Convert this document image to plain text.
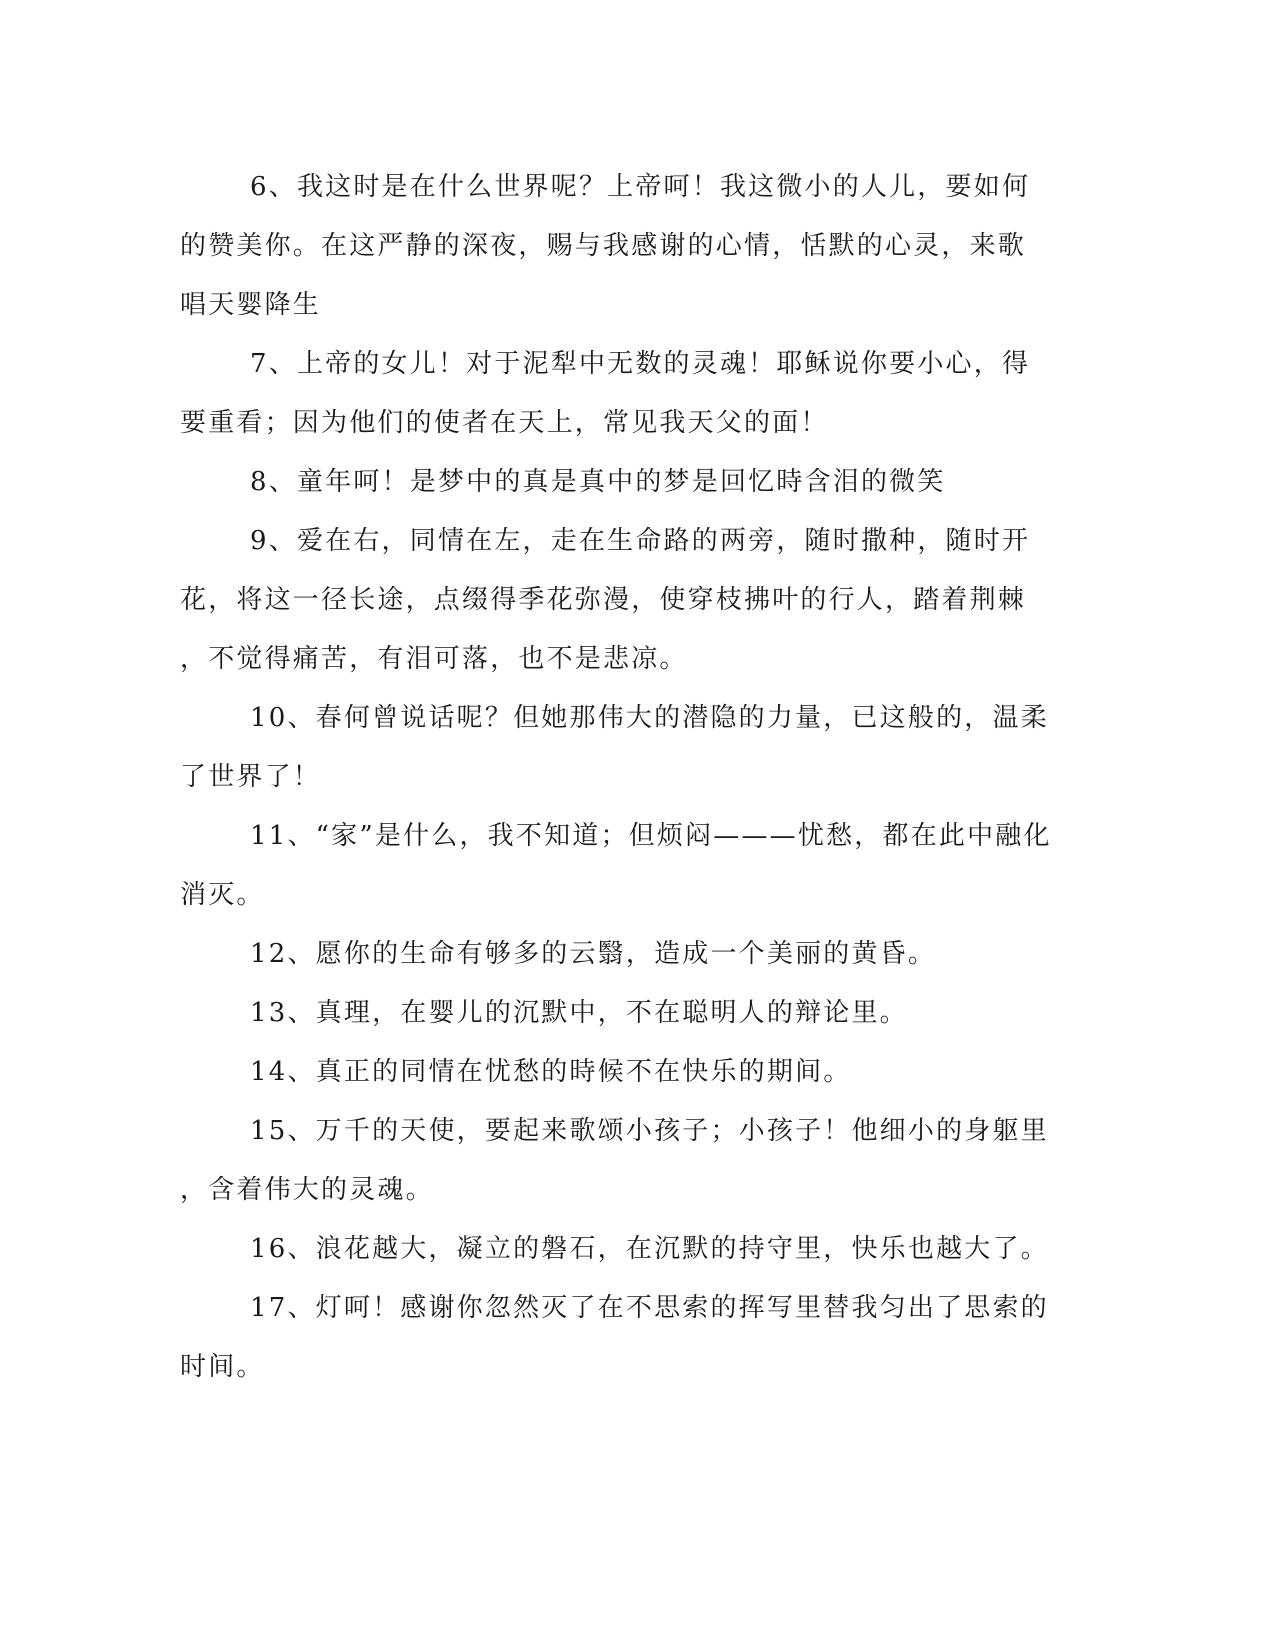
6、我这时是在什么世界呢？上帝呵！我这微小的人儿，要如何
的赞美你。在这严静的深夜，赐与我感谢的心情，恬默的心灵，来歌
唱天婴降生

7、上帝的女儿！对于泥犁中无数的灵魂！耶稣说你要小心，得
要重看；因为他们的使者在天上，常见我天父的面！

8、童年呵！是梦中的真是真中的梦是回忆時含泪的微笑

9、爱在右，同情在左，走在生命路的两旁，随时撒种，随时开
花，将这一径长途，点缀得季花弥漫，使穿枝拂叶的行人，踏着荆棘
，不觉得痛苦，有泪可落，也不是悲凉。

10、春何曾说话呢？但她那伟大的潜隐的力量，已这般的，温柔
了世界了！

11、“家”是什么，我不知道；但烦闷———忧愁，都在此中融化
消灭。

12、愿你的生命有够多的云翳，造成一个美丽的黄昏。

13、真理，在婴儿的沉默中，不在聪明人的辩论里。

14、真正的同情在忧愁的時候不在快乐的期间。

15、万千的天使，要起来歌颂小孩子；小孩子！他细小的身躯里
，含着伟大的灵魂。

16、浪花越大，凝立的磐石，在沉默的持守里，快乐也越大了。

17、灯呵！感谢你忽然灭了在不思索的挥写里替我匀出了思索的
时间。
